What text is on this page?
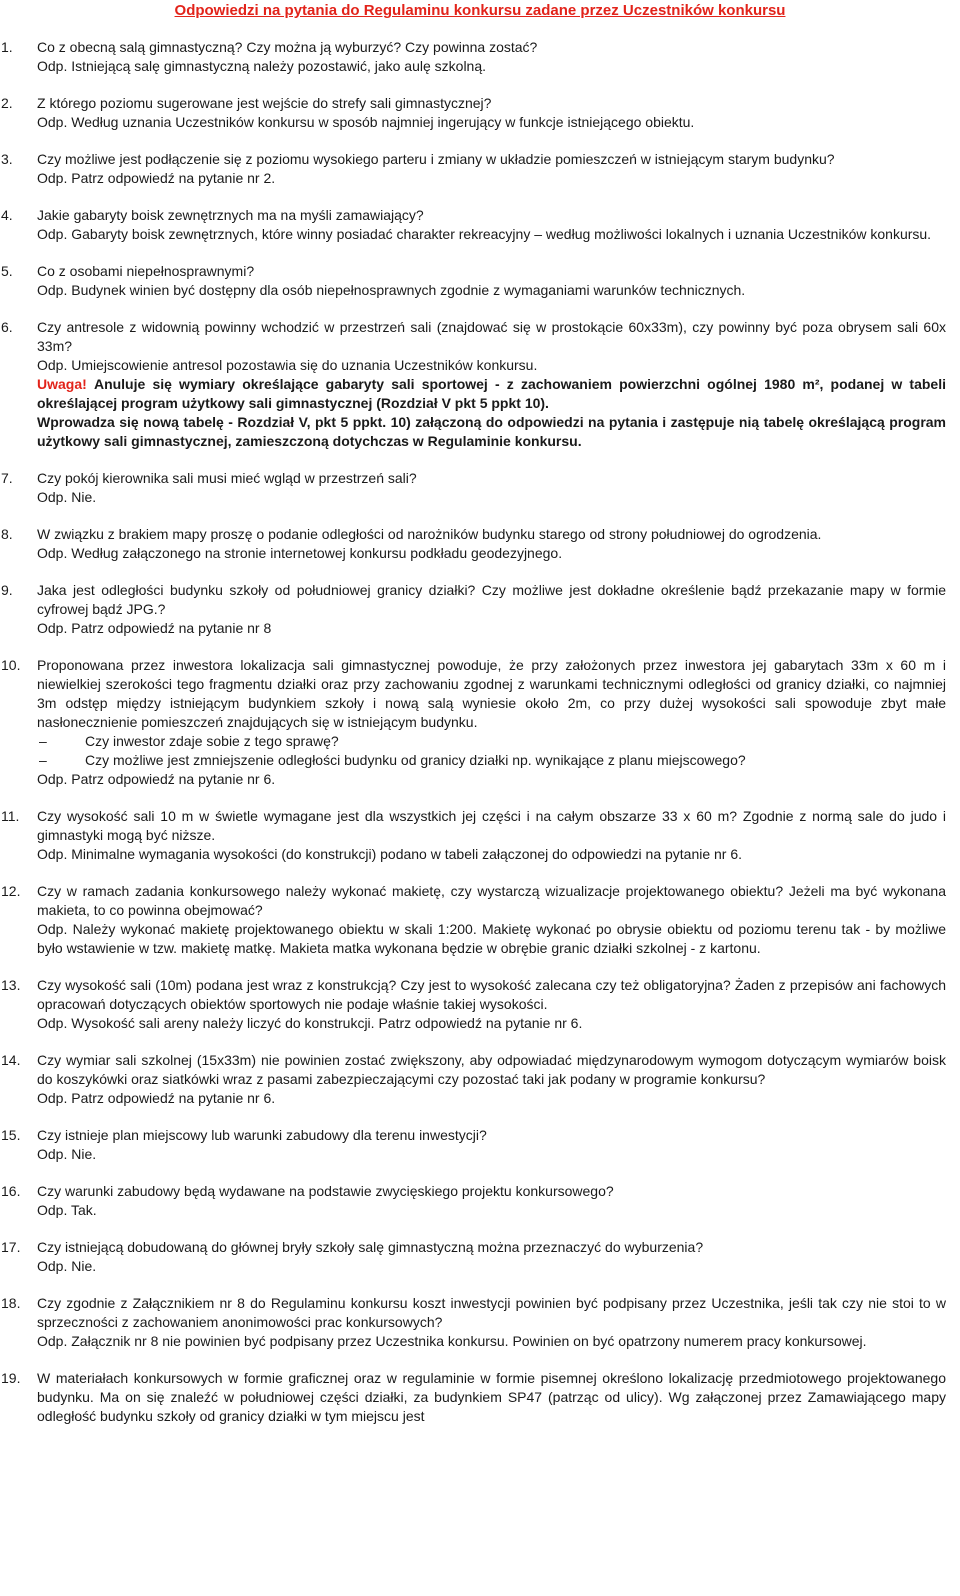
Odpowiedzi na pytania do Regulaminu konkursu zadane przez Uczestników konkursu
1. Co z obecną salą gimnastyczną? Czy można ją wyburzyć? Czy powinna zostać?

Odp. Istniejącą salę gimnastyczną należy pozostawić, jako aulę szkolną.

2. Z którego poziomu sugerowane jest wejście do strefy sali gimnastycznej?

Odp. Według uznania Uczestników konkursu w sposób najmniej ingerujący w funkcje istniejącego obiektu.

3. Czy możliwe jest podłączenie się z poziomu wysokiego parteru i zmiany w układzie pomieszczeń w istniejącym starym budynku?

Odp. Patrz odpowiedź na pytanie nr 2.

4. Jakie gabaryty boisk zewnętrznych ma na myśli zamawiający?

Odp. Gabaryty boisk zewnętrznych, które winny posiadać charakter rekreacyjny – według możliwości lokalnych i uznania Uczestników konkursu.

5. Co z osobami niepełnosprawnymi?

Odp. Budynek winien być dostępny dla osób niepełnosprawnych zgodnie z wymaganiami warunków technicznych.

6. Czy antresole z widownią powinny wchodzić w przestrzeń sali (znajdować się w prostokącie 60x33m), czy powinny być poza obrysem sali 60x 33m?

Odp. Umiejscowienie antresol pozostawia się do uznania Uczestników konkursu.

Uwaga! Anuluje się wymiary określające gabaryty sali sportowej - z zachowaniem powierzchni ogólnej 1980 m², podanej w tabeli określającej program użytkowy sali gimnastycznej (Rozdział V pkt 5 ppkt 10).

Wprowadza się nową tabelę - Rozdział V, pkt 5 ppkt. 10) załączoną do odpowiedzi na pytania i zastępuje nią tabelę określającą program użytkowy sali gimnastycznej, zamieszczoną dotychczas w Regulaminie konkursu.

7. Czy pokój kierownika sali musi mieć wgląd w przestrzeń sali?

Odp. Nie.

8. W związku z brakiem mapy proszę o podanie odległości od narożników budynku starego od strony południowej do ogrodzenia.

Odp. Według załączonego na stronie internetowej konkursu podkładu geodezyjnego.

9. Jaka jest odległości budynku szkoły od południowej granicy działki? Czy możliwe jest dokładne określenie bądź przekazanie mapy w formie cyfrowej bądź JPG.?

Odp. Patrz odpowiedź na pytanie nr 8

10. Proponowana przez inwestora lokalizacja sali gimnastycznej powoduje, że przy założonych przez inwestora jej gabarytach 33m x 60 m i niewielkiej szerokości tego fragmentu działki oraz przy zachowaniu zgodnej z warunkami technicznymi odległości od granicy działki, co najmniej 3m odstęp między istniejącym budynkiem szkoły i nową salą wyniesie około 2m, co przy dużej wysokości sali spowoduje zbyt małe nasłonecznienie pomieszczeń znajdujących się w istniejącym budynku.

–	Czy inwestor zdaje sobie z tego sprawę?

–	Czy możliwe jest zmniejszenie odległości budynku od granicy działki np. wynikające z planu miejscowego?

Odp. Patrz odpowiedź na pytanie nr 6.

11. Czy wysokość sali 10 m w świetle wymagane jest dla wszystkich jej części i na całym obszarze 33 x 60 m? Zgodnie z normą sale do judo i gimnastyki mogą być niższe.

Odp. Minimalne wymagania wysokości (do konstrukcji) podano w tabeli załączonej do odpowiedzi na pytanie nr 6.

12. Czy w ramach zadania konkursowego należy wykonać makietę, czy wystarczą wizualizacje projektowanego obiektu? Jeżeli ma być wykonana makieta, to co powinna obejmować?

Odp. Należy wykonać makietę projektowanego obiektu w skali 1:200. Makietę wykonać po obrysie obiektu od poziomu terenu tak - by możliwe było wstawienie w tzw. makietę matkę. Makieta matka wykonana będzie w obrębie granic działki szkolnej - z kartonu.

13. Czy wysokość sali (10m) podana jest wraz z konstrukcją? Czy jest to wysokość zalecana czy też obligatoryjna? Żaden z przepisów ani fachowych opracowań dotyczących obiektów sportowych nie podaje właśnie takiej wysokości.

Odp. Wysokość sali areny należy liczyć do konstrukcji. Patrz odpowiedź na pytanie nr 6.

14. Czy wymiar sali szkolnej (15x33m) nie powinien zostać zwiększony, aby odpowiadać międzynarodowym wymogom dotyczącym wymiarów boisk do koszykówki oraz siatkówki wraz z pasami zabezpieczającymi czy pozostać taki jak podany w programie konkursu?

Odp. Patrz odpowiedź na pytanie nr 6.

15. Czy istnieje plan miejscowy lub warunki zabudowy dla terenu inwestycji?

Odp. Nie.

16. Czy warunki zabudowy będą wydawane na podstawie zwycięskiego projektu konkursowego?

Odp. Tak.

17. Czy istniejącą dobudowaną do głównej bryły szkoły salę gimnastyczną można przeznaczyć do wyburzenia?

Odp. Nie.

18. Czy zgodnie z Załącznikiem nr 8 do Regulaminu konkursu koszt inwestycji powinien być podpisany przez Uczestnika, jeśli tak czy nie stoi to w sprzeczności z zachowaniem anonimowości prac konkursowych?

Odp. Załącznik nr 8 nie powinien być podpisany przez Uczestnika konkursu. Powinien on być opatrzony numerem pracy konkursowej.

19. W materiałach konkursowych w formie graficznej oraz w regulaminie w formie pisemnej określono lokalizację przedmiotowego projektowanego budynku. Ma on się znaleźć w południowej części działki, za budynkiem SP47 (patrząc od ulicy). Wg załączonej przez Zamawiającego mapy odległość budynku szkoły od granicy działki w tym miejscu jest
